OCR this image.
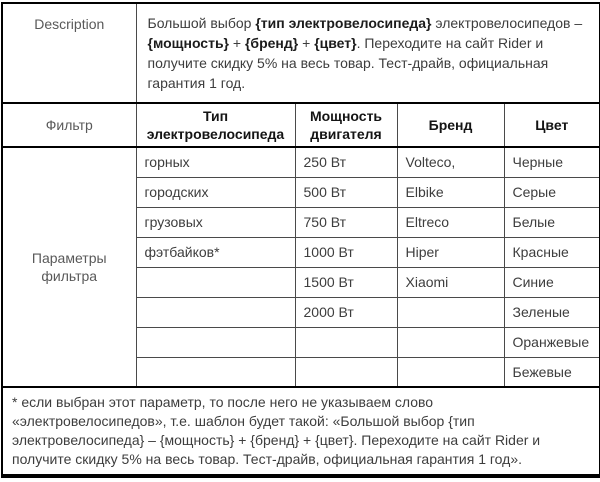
Description	Большой выбор {тип электровелосипеда} электровелосипедов – {мощность} + {бренд} + {цвет}. Переходите на сайт Rider и получите скидку 5% на весь товар. Тест-драйв, официальная гарантия 1 год.			
Фильтр	Тип электровелосипеда	Мощность двигателя	Бренд	Цвет
Параметры фильтра	горных	250 Вт	Volteco,	Черные
	городских	500 Вт	Elbike	Серые
	грузовых	750 Вт	Eltreco	Белые
	фэтбайков*	1000 Вт	Hiper	Красные
		1500 Вт	Xiaomi	Синие
		2000 Вт		Зеленые
				Оранжевые
				Бежевые
* если выбран этот параметр, то после него не указываем слово «электровелосипедов», т.е. шаблон будет такой: «Большой выбор {тип электровелосипеда} – {мощность} + {бренд} + {цвет}. Переходите на сайт Rider и получите скидку 5% на весь товар. Тест-драйв, официальная гарантия 1 год».				
